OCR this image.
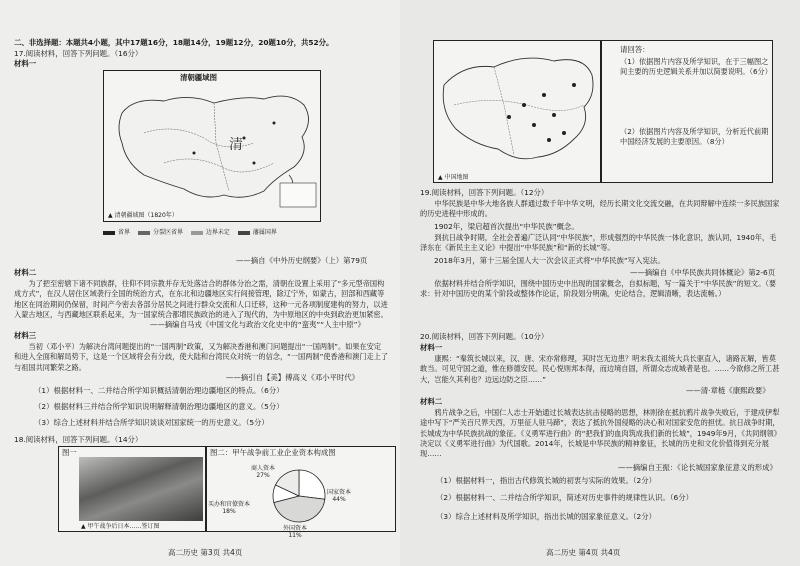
二、非选择题：本题共4小题，其中17题16分，18题14分，19题12分，20题10分，共52分。
17.阅读材料，回答下列问题。（16分）
材料一
清朝疆域图
清
▲ 清朝疆域图（1820年）
省界	分裂区省界	边界未定	藩属国界
——摘自《中外历史纲要》（上）第79页
材料二
为了把至密辖下诸不同族群，往仰不同宗教并存无处落洁合的群体分治之需，清朝在设置上采用了“多元型帝国构成方式”，在汉人居住区域袭行全国的统治方式，在东北和边疆地区实行间接管理，除辽宁外，如蒙古，回部和西藏等地区在同治期间仍保留，时间产今密去各部分居民之间进行群众交流和人口迁移，这种一元各项制度建构的努力，以进入蒙古地区，与西藏地区联系起来，为一国家统合都增民族政治的进入了现代的，为中原地区的中央到政治更加紧密。
——摘编自马戎《中国文化与政治文化史中的“蛮夷”“人主中原”》
材料三
当初（邓小平）为解决台湾问题提出的“一国两制”政策，又为解决香港和澳门问题提出“一国两制”。如果在安定和进入全面和解局势下，这是一个区域将会有分歧，使大陆和台湾民众对统一的信念，“一国两制”使香港和澳门走上了与祖国共同繁荣之路。
——摘引自【美】傅高义《邓小平时代》
（1）根据材料一、二并结合所学知识概括清朝治理边疆地区的特点。（6分）
（2）根据材料三并结合所学知识说明解释清朝治理边疆地区的意义。（5分）
（3）综合上述材料并结合所学知识谈谈对国家统一的历史意义。（5分）
18.阅读材料，回答下列问题。（14分）
图一
▲ 甲午战争后日本……签订图
图二：甲午战争前工业企业资本构成图
商人资本
27%
国家资本
44%
外国资本
11%
买办和官僚资本
18%
高二历史 第3页 共4页
▲ 中国地图
请回答：
（1）依据图片内容及所学知识，在于三幅图之间主要的历史逻辑关系并加以简要说明。（6分）
（2）依据图片内容及所学知识，分析近代前期中国经济发展的主要原因。（8分）
19.阅读材料，回答下列问题。（12分）
中华民族是中华大地各族人群通过数千年中华文明，经历长期文化交流交融，在共同辩解中连续一多民族国家的历史进程中形成的。
1902年，梁启超首次提出“中华民族”概念。
到抗日战争时期，全社会普遍广泛认同“中华民族”，形成强烈的中华民族一体化意识，族认同，1940年，毛泽东在《新民主主义论》中提出“中华民族”和“新的长城”等。
2018年3月，第十三届全国人大一次会议正式将“中华民族”写入宪法。
——摘编自《中华民族共同体概论》第2-6页
依据材料并结合所学知识，围绕中国历史中出现的国家概念，自拟标题，写一篇关于“中华民族”的短文。（要求：针对中国历史的某个阶段或整体作论证，阶段划分明确，史论结合，逻辑清晰，表达流畅。）
20.阅读材料，回答下列问题。（10分）
材料一
康熙：“秦筑长城以来，汉、唐、宋亦常修理，其时岂无边患？明末我太祖统大兵长驱直入，诸路瓦解，皆莫敢当。可见守国之道，惟在修德安民。民心悦则邦本得，而边境自固，所谓众志成城者是也。……今欲修之所工甚大，岂能久其利也？边远边防之臣……”
——清·章梿《康熙政要》
材料二
鸦片战争之后，中国仁人志士开始通过长城表达抗击侵略的思想，林则徐在抵抗鸦片战争失败后，于建戍伊犁途中写下“严关百尺界天西，万里征人驻马蹄”，表达了抵抗外国侵略的决心和对国家安危的担忧。抗日战争时期，长城成为中华民族抗战的象征。《义勇军进行曲》的“把我们的血肉筑成我们新的长城”，1949年9月，《共同纲领》决定以《义勇军进行曲》为代国歌。2014年，长城是中华民族的精神象征，长城的历史和文化价值得到充分展现……
——摘编自王振：《论长城国家象征意义的形成》
（1）根据材料一，指出古代修筑长城的初衷与实际的效果。（2分）
（2）根据材料一、二并结合所学知识，简述对历史事件的规律性认识。（6分）
（3）综合上述材料及所学知识，指出长城的国家象征意义。（2分）
高二历史 第4页 共4页
